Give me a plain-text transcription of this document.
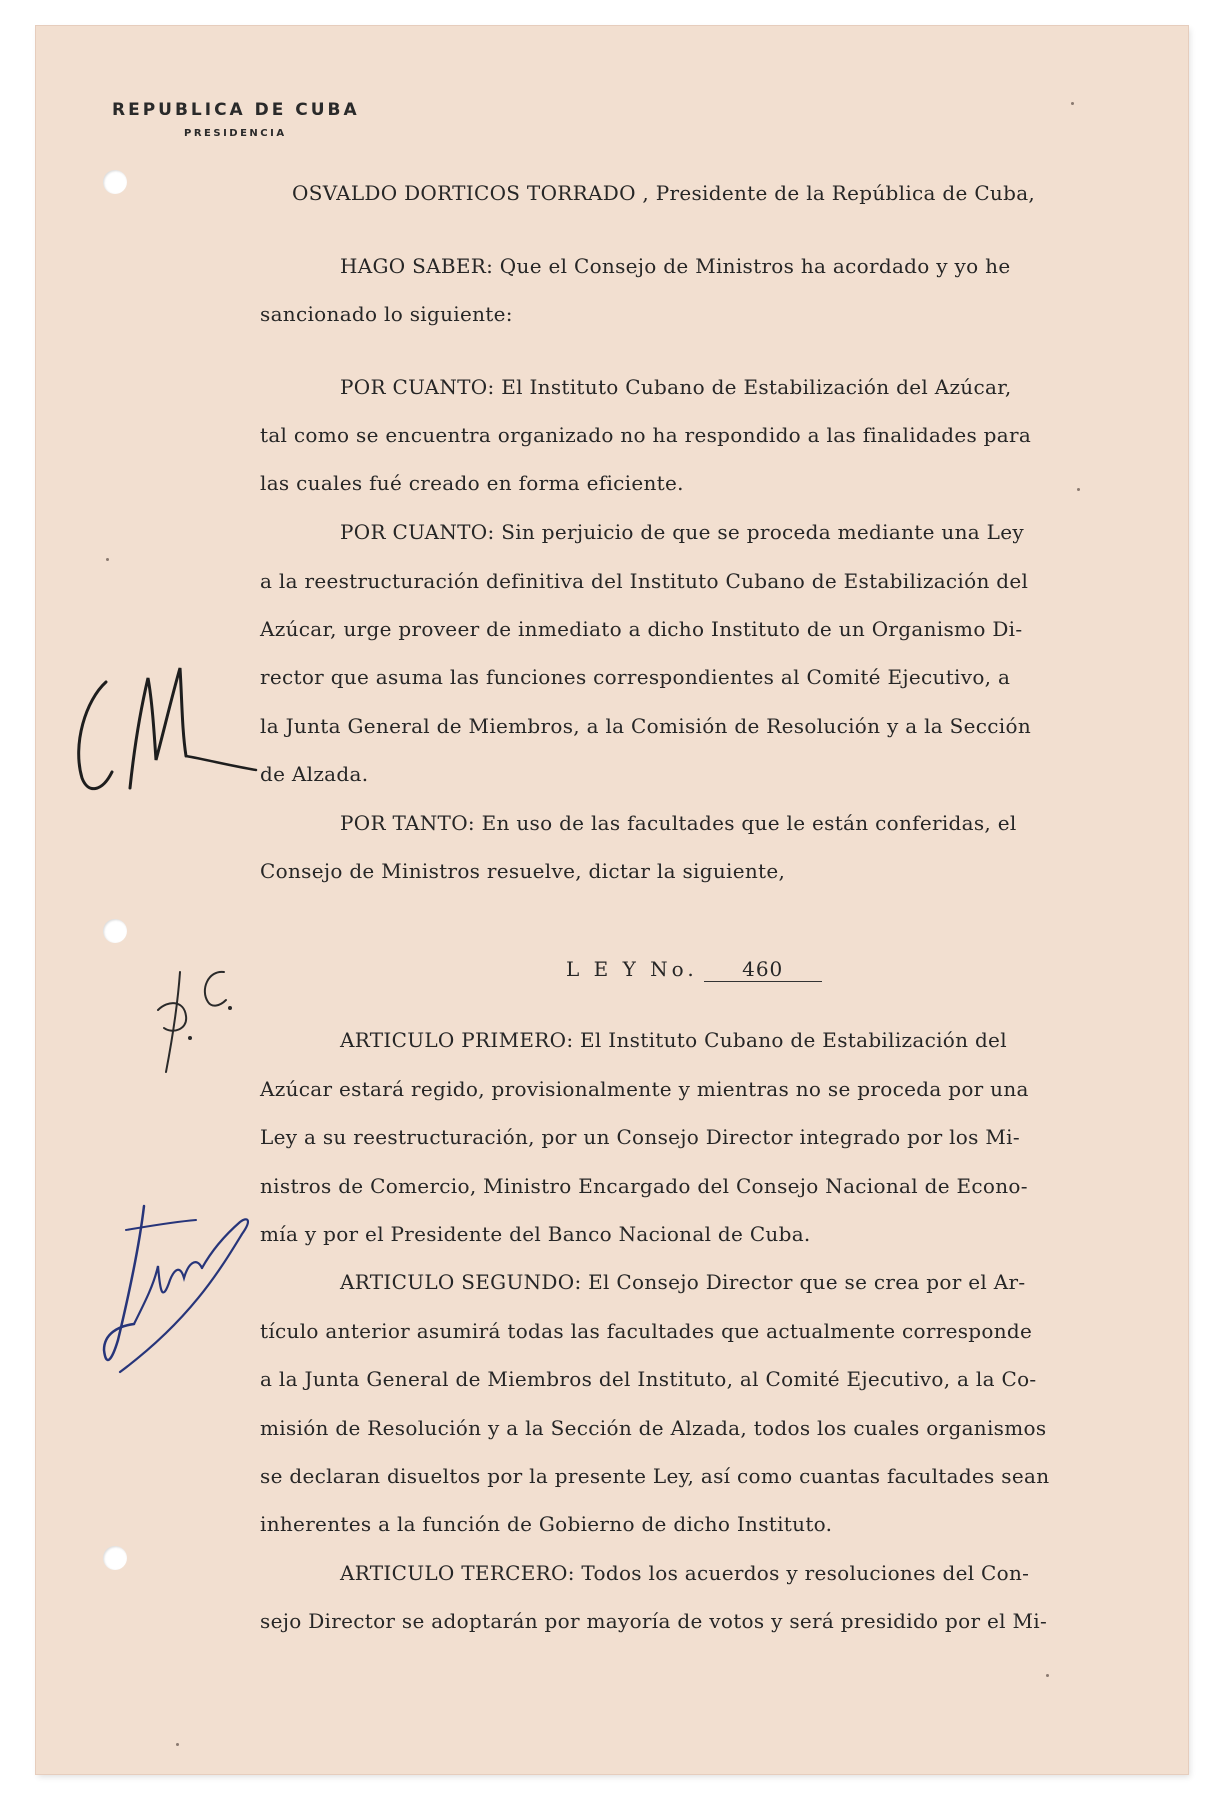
REPUBLICA DE CUBA
PRESIDENCIA
OSVALDO DORTICOS TORRADO , Presidente de la República de Cuba,
HAGO SABER: Que el Consejo de Ministros ha acordado y yo he
sancionado lo siguiente:
POR CUANTO: El Instituto Cubano de Estabilización del Azúcar,
tal como se encuentra organizado no ha respondido a las finalidades para
las cuales fué creado en forma eficiente.
POR CUANTO: Sin perjuicio de que se proceda mediante una Ley
a la reestructuración definitiva del Instituto Cubano de Estabilización del
Azúcar, urge proveer de inmediato a dicho Instituto de un Organismo Di-
rector que asuma las funciones correspondientes al Comité Ejecutivo, a
la Junta General de Miembros, a la Comisión de Resolución y a la Sección
de Alzada.
POR TANTO: En uso de las facultades que le están conferidas, el
Consejo de Ministros resuelve, dictar la siguiente,
L E Y No. 460
ARTICULO PRIMERO: El Instituto Cubano de Estabilización del
Azúcar estará regido, provisionalmente y mientras no se proceda por una
Ley a su reestructuración, por un Consejo Director integrado por los Mi-
nistros de Comercio, Ministro Encargado del Consejo Nacional de Econo-
mía y por el Presidente del Banco Nacional de Cuba.
ARTICULO SEGUNDO: El Consejo Director que se crea por el Ar-
tículo anterior asumirá todas las facultades que actualmente corresponde
a la Junta General de Miembros del Instituto, al Comité Ejecutivo, a la Co-
misión de Resolución y a la Sección de Alzada, todos los cuales organismos
se declaran disueltos por la presente Ley, así como cuantas facultades sean
inherentes a la función de Gobierno de dicho Instituto.
ARTICULO TERCERO: Todos los acuerdos y resoluciones del Con-
sejo Director se adoptarán por mayoría de votos y será presidido por el Mi-
